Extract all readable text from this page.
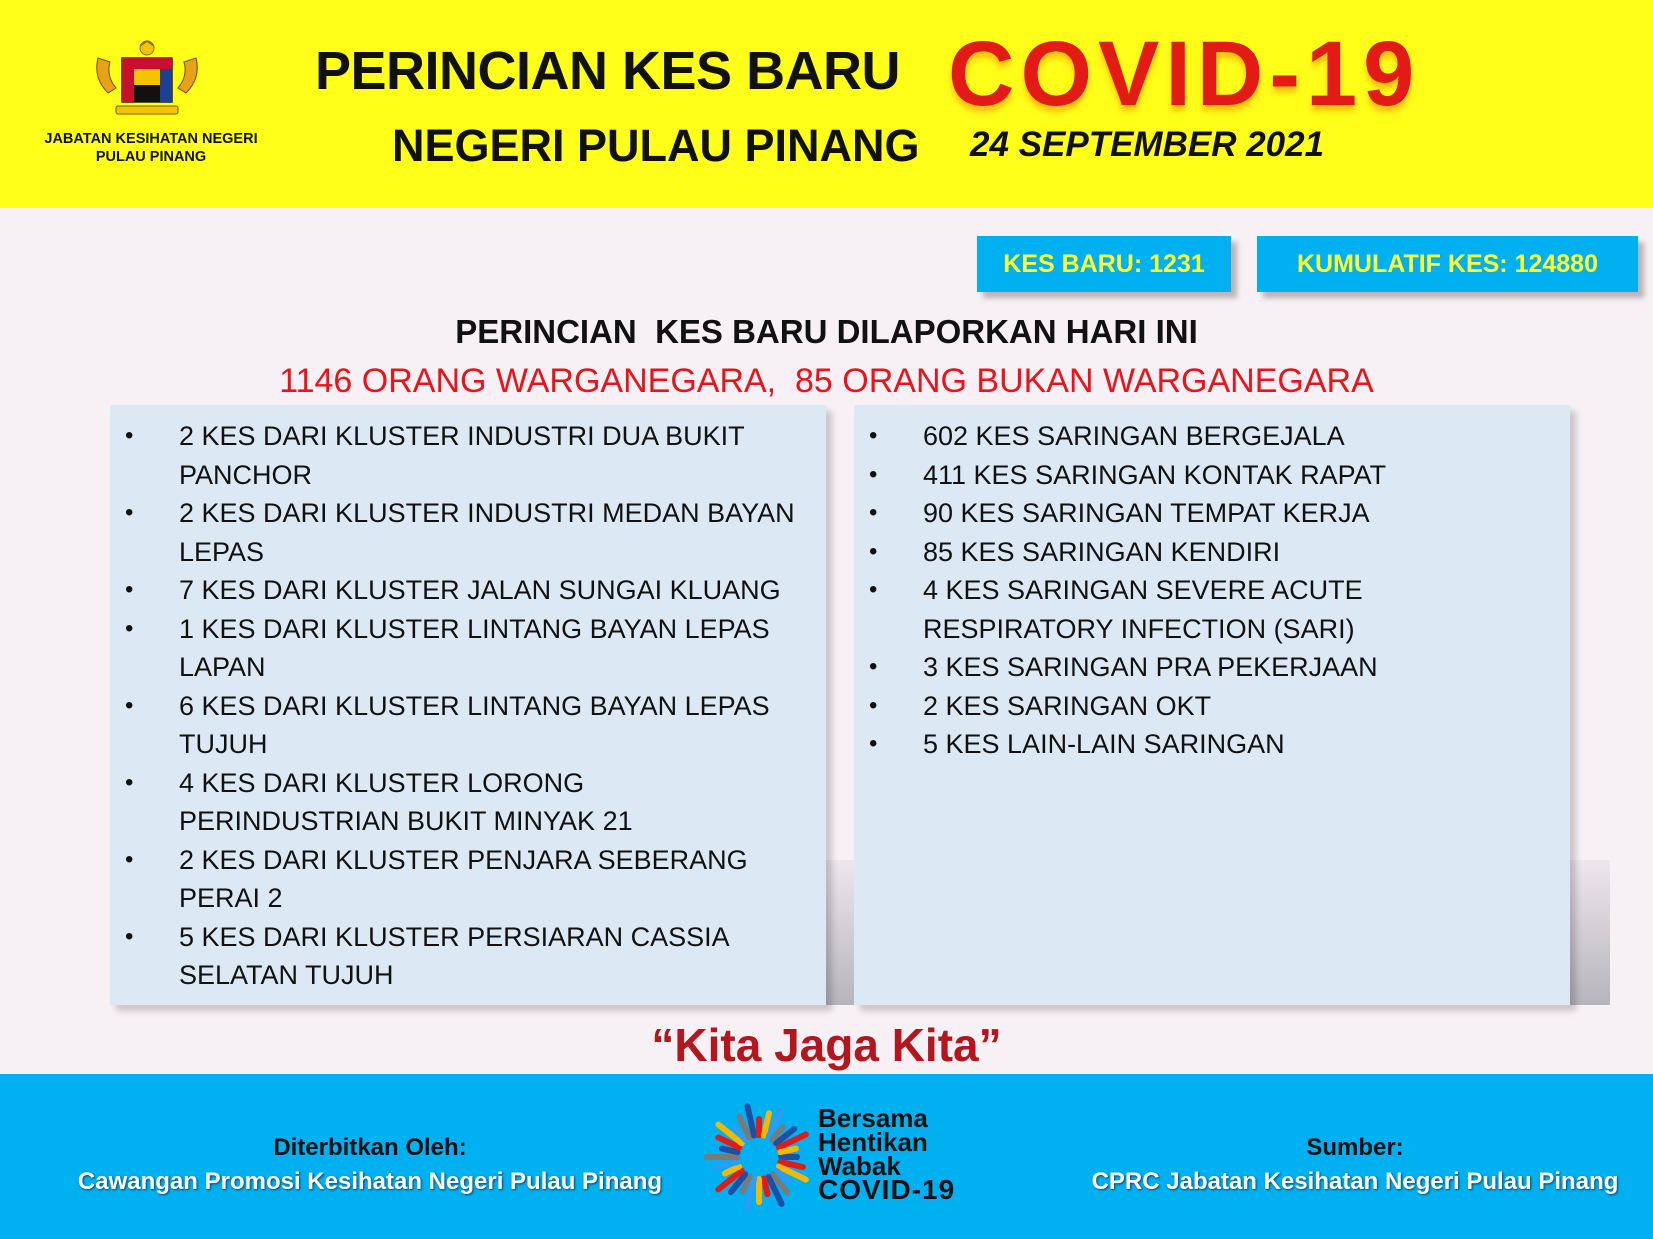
JABATAN KESIHATAN NEGERI PULAU PINANG
PERINCIAN KES BARU COVID-19
NEGERI PULAU PINANG 24 SEPTEMBER 2021
KES BARU: 1231	KUMULATIF KES: 124880
PERINCIAN  KES BARU DILAPORKAN HARI INI
1146 ORANG WARGANEGARA,  85 ORANG BUKAN WARGANEGARA
• 2 KES DARI KLUSTER INDUSTRI DUA BUKIT PANCHOR
• 2 KES DARI KLUSTER INDUSTRI MEDAN BAYAN LEPAS
• 7 KES DARI KLUSTER JALAN SUNGAI KLUANG
• 1 KES DARI KLUSTER LINTANG BAYAN LEPAS LAPAN
• 6 KES DARI KLUSTER LINTANG BAYAN LEPAS TUJUH
• 4 KES DARI KLUSTER LORONG PERINDUSTRIAN BUKIT MINYAK 21
• 2 KES DARI KLUSTER PENJARA SEBERANG PERAI 2
• 5 KES DARI KLUSTER PERSIARAN CASSIA SELATAN TUJUH
• 602 KES SARINGAN BERGEJALA
• 411 KES SARINGAN KONTAK RAPAT
• 90 KES SARINGAN TEMPAT KERJA
• 85 KES SARINGAN KENDIRI
• 4 KES SARINGAN SEVERE ACUTE RESPIRATORY INFECTION (SARI)
• 3 KES SARINGAN PRA PEKERJAAN
• 2 KES SARINGAN OKT
• 5 KES LAIN-LAIN SARINGAN
“Kita Jaga Kita”
Diterbitkan Oleh:
Cawangan Promosi Kesihatan Negeri Pulau Pinang
Bersama
Hentikan
Wabak
COVID-19
Sumber:
CPRC Jabatan Kesihatan Negeri Pulau Pinang
